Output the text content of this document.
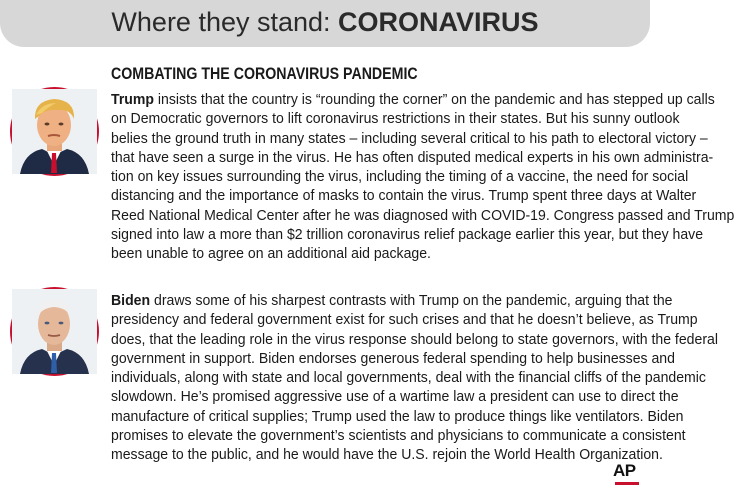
Where they stand: CORONAVIRUS
COMBATING THE CORONAVIRUS PANDEMIC
Trump insists that the country is “rounding the corner” on the pandemic and has stepped up calls
on Democratic governors to lift coronavirus restrictions in their states. But his sunny outlook
belies the ground truth in many states – including several critical to his path to electoral victory –
that have seen a surge in the virus. He has often disputed medical experts in his own administra-
tion on key issues surrounding the virus, including the timing of a vaccine, the need for social
distancing and the importance of masks to contain the virus. Trump spent three days at Walter
Reed National Medical Center after he was diagnosed with COVID-19. Congress passed and Trump
signed into law a more than $2 trillion coronavirus relief package earlier this year, but they have
been unable to agree on an additional aid package.
Biden draws some of his sharpest contrasts with Trump on the pandemic, arguing that the
presidency and federal government exist for such crises and that he doesn’t believe, as Trump
does, that the leading role in the virus response should belong to state governors, with the federal
government in support. Biden endorses generous federal spending to help businesses and
individuals, along with state and local governments, deal with the financial cliffs of the pandemic
slowdown. He’s promised aggressive use of a wartime law a president can use to direct the
manufacture of critical supplies; Trump used the law to produce things like ventilators. Biden
promises to elevate the government’s scientists and physicians to communicate a consistent
message to the public, and he would have the U.S. rejoin the World Health Organization.
AP
